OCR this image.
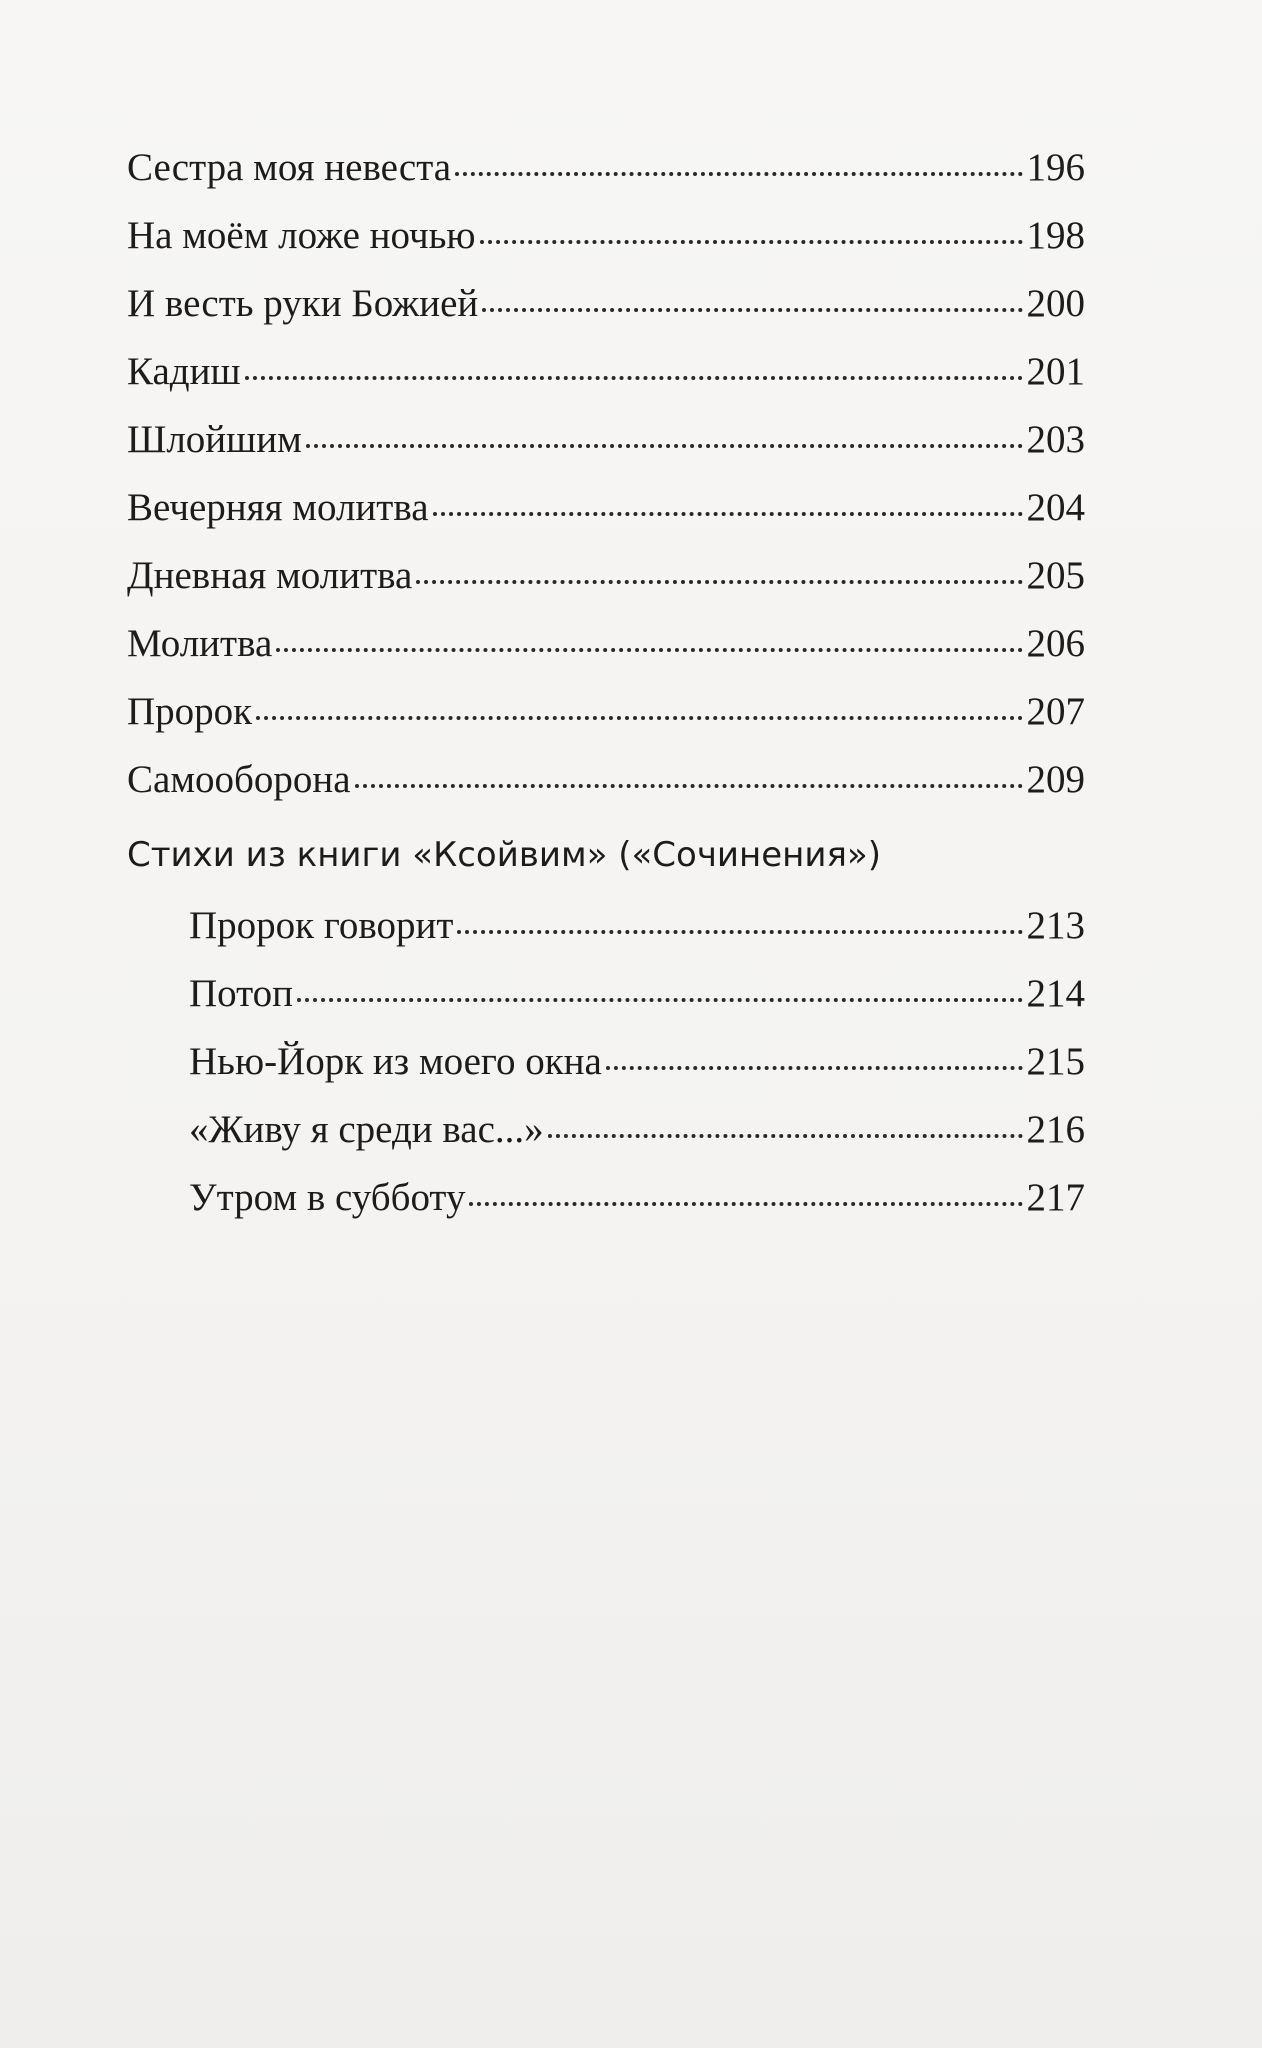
Сестра моя невеста	196
На моём ложе ночью	198
И весть руки Божией	200
Кадиш	201
Шлойшим	203
Вечерняя молитва	204
Дневная молитва	205
Молитва	206
Пророк	207
Самооборона	209
Стихи из книги «Ксойвим» («Сочинения»)
Пророк говорит	213
Потоп	214
Нью-Йорк из моего окна	215
«Живу я среди вас...»	216
Утром в субботу	217
